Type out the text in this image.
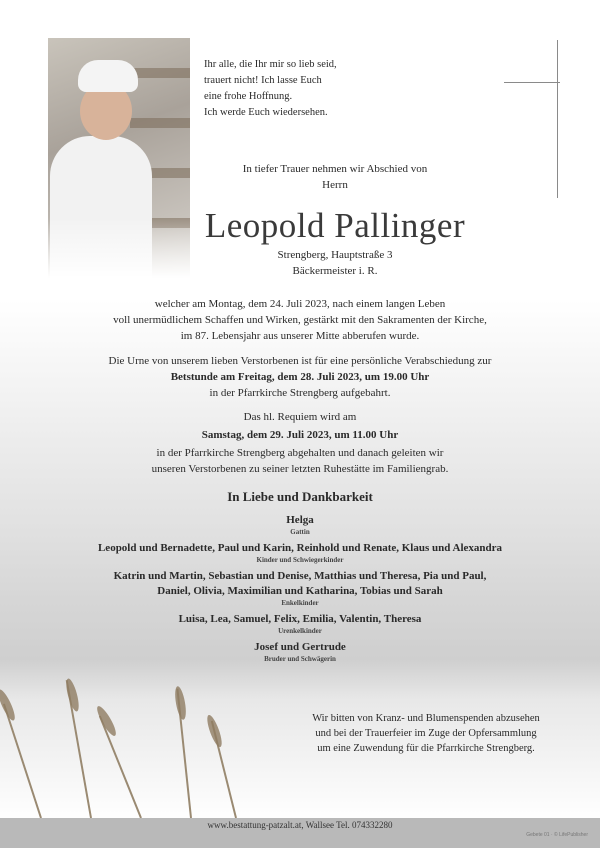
Ihr alle, die Ihr mir so lieb seid,
trauert nicht! Ich lasse Euch
eine frohe Hoffnung.
Ich werde Euch wiedersehen.
In tiefer Trauer nehmen wir Abschied von
Herrn
Leopold Pallinger
Strengberg, Hauptstraße 3
Bäckermeister i. R.
welcher am Montag, dem 24. Juli 2023, nach einem langen Leben
voll unermüdlichem Schaffen und Wirken, gestärkt mit den Sakramenten der Kirche,
im 87. Lebensjahr aus unserer Mitte abberufen wurde.
Die Urne von unserem lieben Verstorbenen ist für eine persönliche Verabschiedung zur
Betstunde am Freitag, dem 28. Juli 2023, um 19.00 Uhr
in der Pfarrkirche Strengberg aufgebahrt.
Das hl. Requiem wird am
Samstag, dem 29. Juli 2023, um 11.00 Uhr
in der Pfarrkirche Strengberg abgehalten und danach geleiten wir
unseren Verstorbenen zu seiner letzten Ruhestätte im Familiengrab.
In Liebe und Dankbarkeit
Helga
Gattin
Leopold und Bernadette, Paul und Karin, Reinhold und Renate, Klaus und Alexandra
Kinder und Schwiegerkinder
Katrin und Martin, Sebastian und Denise, Matthias und Theresa, Pia und Paul,
Daniel, Olivia, Maximilian und Katharina, Tobias und Sarah
Enkelkinder
Luisa, Lea, Samuel, Felix, Emilia, Valentin, Theresa
Urenkelkinder
Josef und Gertrude
Bruder und Schwägerin
Wir bitten von Kranz- und Blumenspenden abzusehen
und bei der Trauerfeier im Zuge der Opfersammlung
um eine Zuwendung für die Pfarrkirche Strengberg.
www.bestattung-patzalt.at, Wallsee Tel. 074332280
Gebete 01 · © LifePublisher
